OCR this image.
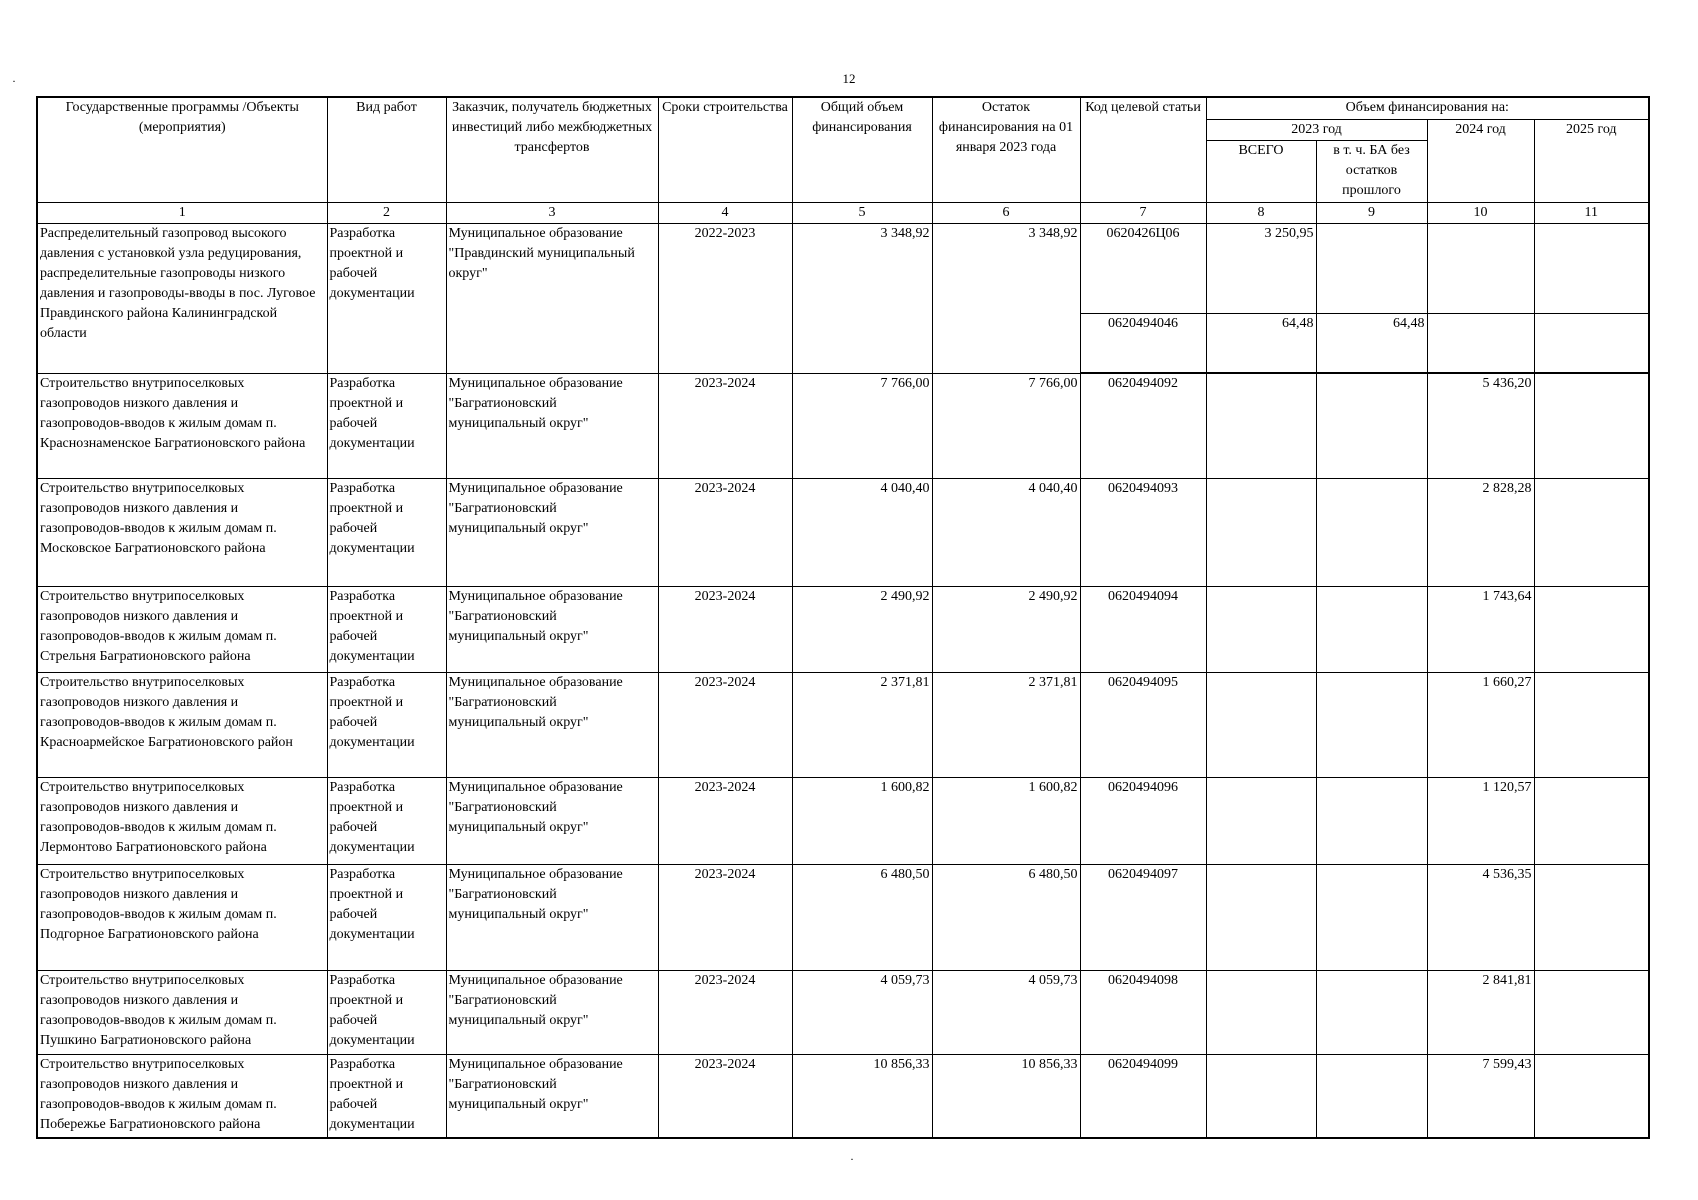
12
·
Государственные программы /Объекты (мероприятия)	Вид работ	Заказчик, получатель бюджетных инвестиций либо межбюджетных трансфертов	Сроки строительства	Общий объем финансирования	Остаток финансирования на 01 января 2023 года	Код целевой статьи	Объем финансирования на:			
							2023 год		2024 год	2025 год
							ВСЕГО	в т. ч. БА без остатков прошлого		
1	2	3	4	5	6	7	8	9	10	11
Распределительный газопровод высокого давления с установкой узла редуцирования, распределительные газопроводы низкого давления и газопроводы-вводы в пос. Луговое Правдинского района Калининградской области	Разработка проектной и рабочей документации	Муниципальное образование "Правдинский муниципальный округ"	2022-2023	3 348,92	3 348,92	0620426Ц06	3 250,95			
						0620494046	64,48	64,48		
Строительство внутрипоселковых газопроводов низкого давления и газопроводов-вводов к жилым домам п. Краснознаменское Багратионовского района	Разработка проектной и рабочей документации	Муниципальное образование "Багратионовский муниципальный округ"	2023-2024	7 766,00	7 766,00	0620494092			5 436,20	
Строительство внутрипоселковых газопроводов низкого давления и газопроводов-вводов к жилым домам п. Московское Багратионовского района	Разработка проектной и рабочей документации	Муниципальное образование "Багратионовский муниципальный округ"	2023-2024	4 040,40	4 040,40	0620494093			2 828,28	
Строительство внутрипоселковых газопроводов низкого давления и газопроводов-вводов к жилым домам п. Стрельня Багратионовского района	Разработка проектной и рабочей документации	Муниципальное образование "Багратионовский муниципальный округ"	2023-2024	2 490,92	2 490,92	0620494094			1 743,64	
Строительство внутрипоселковых газопроводов низкого давления и газопроводов-вводов к жилым домам п. Красноармейское Багратионовского район	Разработка проектной и рабочей документации	Муниципальное образование "Багратионовский муниципальный округ"	2023-2024	2 371,81	2 371,81	0620494095			1 660,27	
Строительство внутрипоселковых газопроводов низкого давления и газопроводов-вводов к жилым домам п. Лермонтово Багратионовского района	Разработка проектной и рабочей документации	Муниципальное образование "Багратионовский муниципальный округ"	2023-2024	1 600,82	1 600,82	0620494096			1 120,57	
Строительство внутрипоселковых газопроводов низкого давления и газопроводов-вводов к жилым домам п. Подгорное Багратионовского района	Разработка проектной и рабочей документации	Муниципальное образование "Багратионовский муниципальный округ"	2023-2024	6 480,50	6 480,50	0620494097			4 536,35	
Строительство внутрипоселковых газопроводов низкого давления и газопроводов-вводов к жилым домам п. Пушкино Багратионовского района	Разработка проектной и рабочей документации	Муниципальное образование "Багратионовский муниципальный округ"	2023-2024	4 059,73	4 059,73	0620494098			2 841,81	
Строительство внутрипоселковых газопроводов низкого давления и газопроводов-вводов к жилым домам п. Побережье Багратионовского района	Разработка проектной и рабочей документации	Муниципальное образование "Багратионовский муниципальный округ"	2023-2024	10 856,33	10 856,33	0620494099			7 599,43	
·
